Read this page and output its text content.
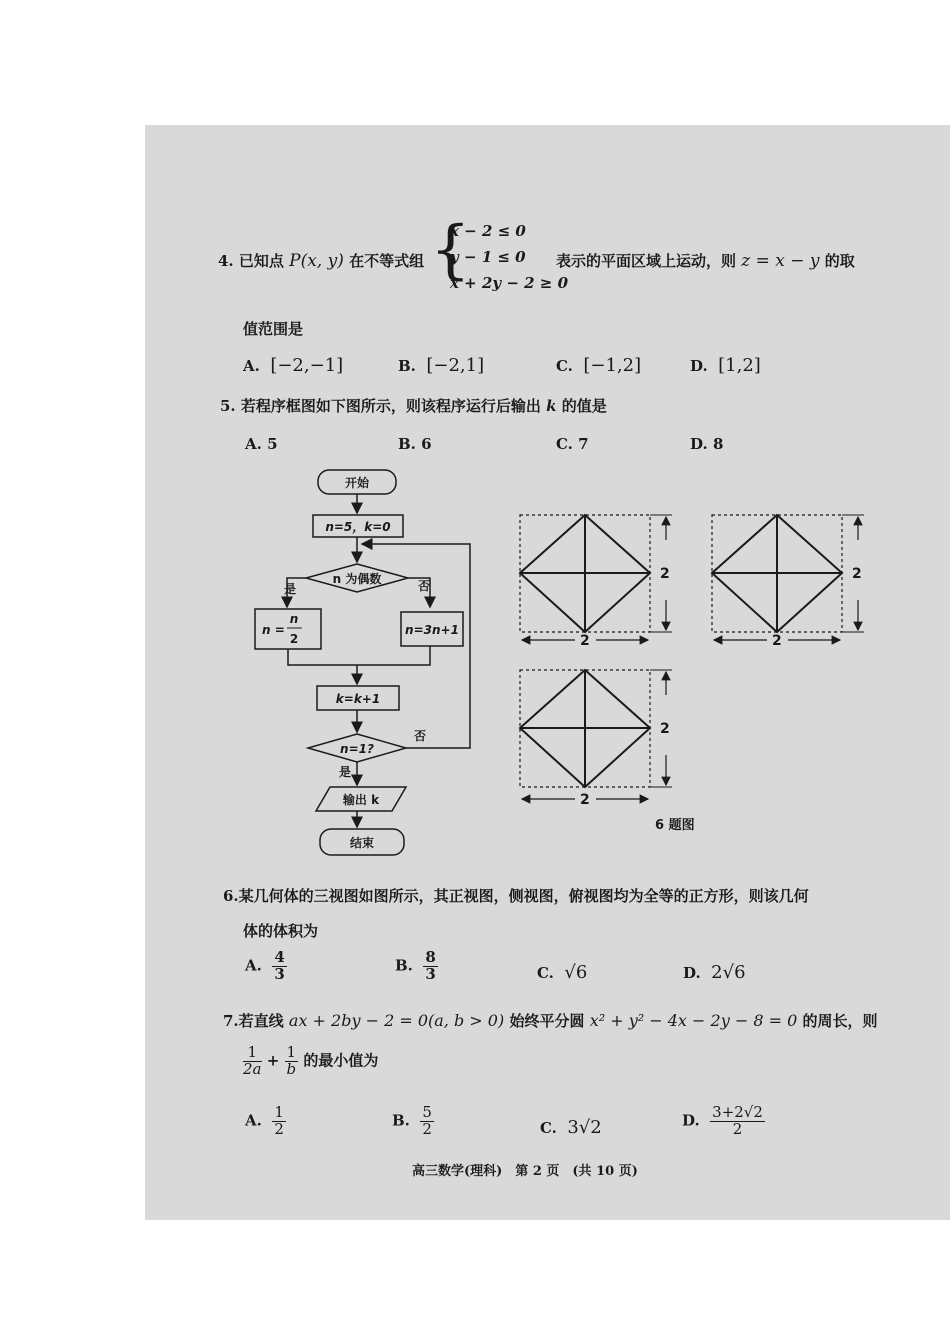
4. 已知点 P(x, y) 在不等式组 {
x − 2 ≤ 0
y − 1 ≤ 0
x + 2y − 2 ≥ 0
表示的平面区域上运动，则 z = x − y 的取
值范围是
A. [−2,−1]	B. [−2,1]	C. [−1,2]	D. [1,2]
5. 若程序框图如下图所示，则该程序运行后输出 k 的值是
A. 5	B. 6	C. 7	D. 8
开始
n=5，k=0
n 为偶数
是	否
n =
n
2
n=3n+1
k=k+1
n=1?
否
是
输出 k
结束
2
2
2
2
2
2
6 题图
6.某几何体的三视图如图所示，其正视图，侧视图，俯视图均为全等的正方形，则该几何
体的体积为
A. $\frac{4}{3}$	B. $\frac{8}{3}$	C. √6	D. 2√6
7.若直线 ax + 2by − 2 = 0(a, b > 0) 始终平分圆 x² + y² − 4x − 2y − 8 = 0 的周长，则
$\frac{1}{2a} + \frac{1}{b}$ 的最小值为
A. $\frac{1}{2}$	B. $\frac{5}{2}$	C. 3√2	D. $\frac{3+2√2}{2}$
高三数学(理科)　第 2 页　(共 10 页)
